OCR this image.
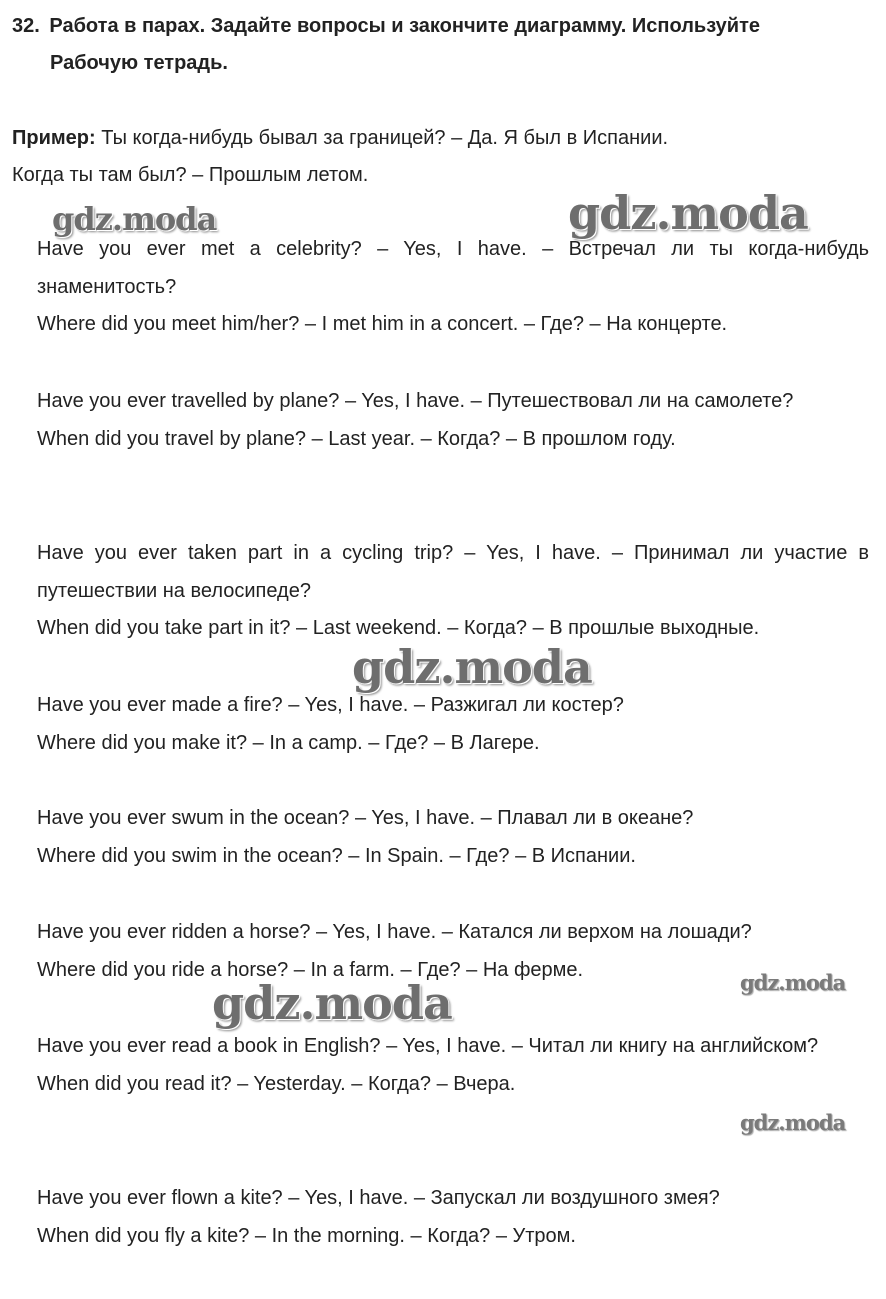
32. Работа в парах. Задайте вопросы и закончите диаграмму. Используйте
Рабочую тетрадь.
Пример: Ты когда-нибудь бывал за границей? – Да. Я был в Испании.
Когда ты там был? – Прошлым летом.

Have you ever met a celebrity? – Yes, I have. – Встречал ли ты когда-нибудь знаменитость?

Where did you meet him/her? – I met him in a concert. – Где? – На концерте.

Have you ever travelled by plane? – Yes, I have. – Путешествовал ли на самолете?

When did you travel by plane? – Last year. – Когда? – В прошлом году.

Have you ever taken part in a cycling trip? – Yes, I have. – Принимал ли участие в путешествии на велосипеде?

When did you take part in it? – Last weekend. – Когда? – В прошлые выходные.

Have you ever made a fire? – Yes, I have. – Разжигал ли костер?

Where did you make it? – In a camp. – Где? – В Лагере.

Have you ever swum in the ocean? – Yes, I have. – Плавал ли в океане?

Where did you swim in the ocean? – In Spain. – Где? – В Испании.

Have you ever ridden a horse? – Yes, I have. – Катался ли верхом на лошади?

Where did you ride a horse? – In a farm. – Где? – На ферме.

Have you ever read a book in English? – Yes, I have. – Читал ли книгу на английском?

When did you read it? – Yesterday. – Когда? – Вчера.

Have you ever flown a kite? – Yes, I have. – Запускал ли воздушного змея?

When did you fly a kite? – In the morning. – Когда? – Утром.

gdz.moda	gdz.moda
gdz.moda
gdz.moda	gdz.moda
gdz.moda
